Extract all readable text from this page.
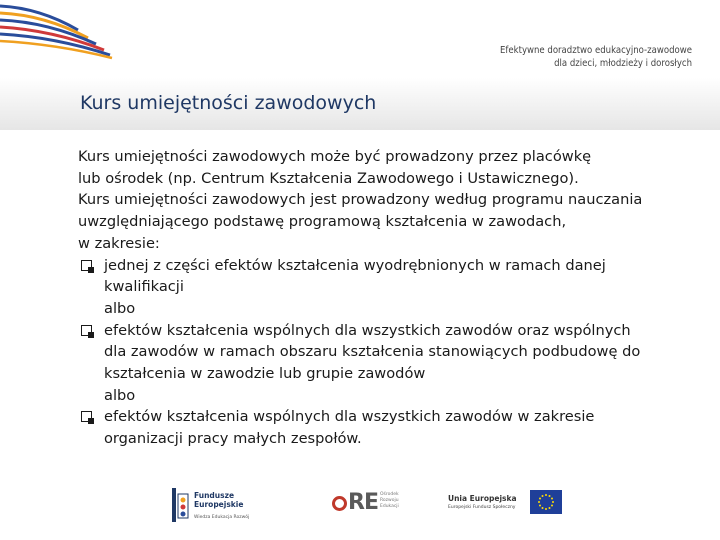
Efektywne doradztwo edukacyjno-zawodowe
dla dzieci, młodzieży i dorosłych
Kurs umiejętności zawodowych
Kurs umiejętności zawodowych może być prowadzony przez placówkę
lub ośrodek (np. Centrum Kształcenia Zawodowego i Ustawicznego).
Kurs umiejętności zawodowych jest prowadzony według programu nauczania
uwzględniającego podstawę programową kształcenia w zawodach,
w zakresie:
jednej z części efektów kształcenia wyodrębnionych w ramach danej
kwalifikacji
albo
efektów kształcenia wspólnych dla wszystkich zawodów oraz wspólnych
dla zawodów w ramach obszaru kształcenia stanowiących podbudowę do
kształcenia w zawodzie lub grupie zawodów
albo
efektów kształcenia wspólnych dla wszystkich zawodów w zakresie
organizacji pracy małych zespołów.
Fundusze
Europejskie
Wiedza Edukacja Rozwój
RE Ośrodek
Rozwoju
Edukacji
Unia Europejska
Europejski Fundusz Społeczny
